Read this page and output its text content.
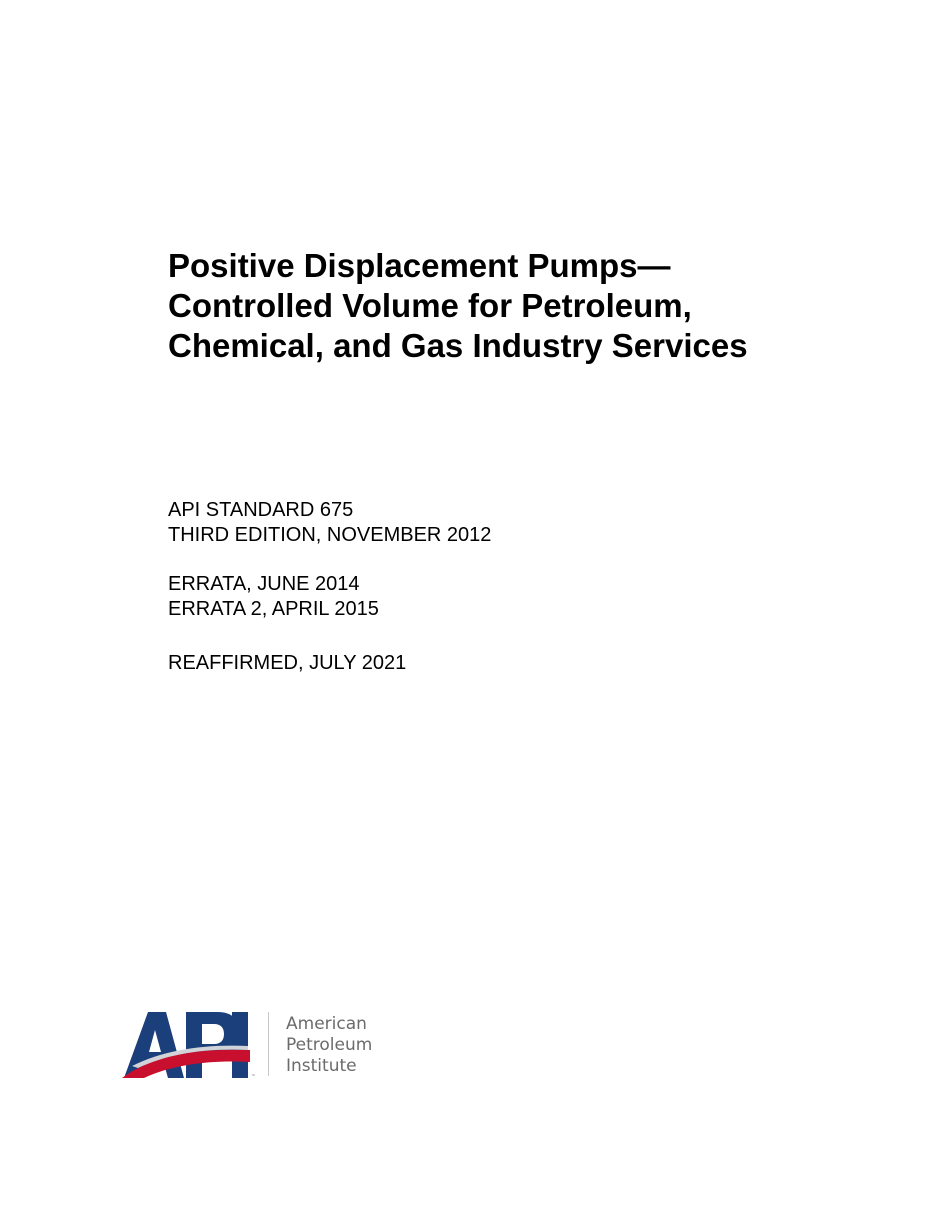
Positive Displacement Pumps—
Controlled Volume for Petroleum,
Chemical, and Gas Industry Services
API STANDARD 675
THIRD EDITION, NOVEMBER 2012
ERRATA, JUNE 2014
ERRATA 2, APRIL 2015
REAFFIRMED, JULY 2021
™
American
Petroleum
Institute
